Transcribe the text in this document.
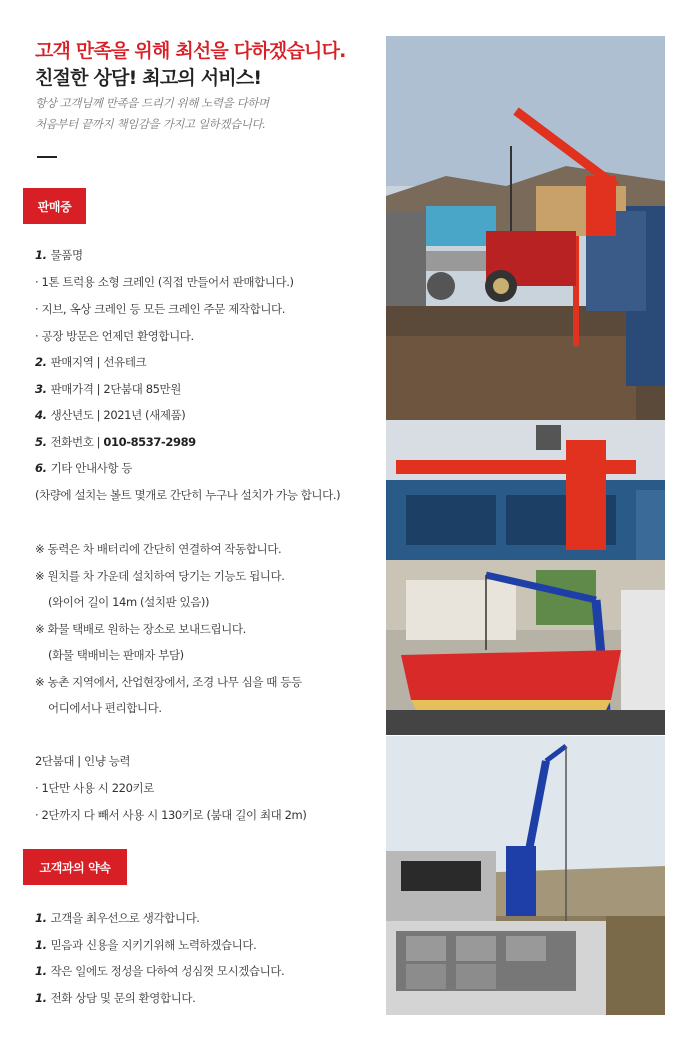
고객 만족을 위해 최선을 다하겠습니다.
친절한 상담! 최고의 서비스!
항상 고객님께 만족을 드리기 위해 노력을 다하며
처음부터 끝까지 책임감을 가지고 일하겠습니다.
판매중
1. 물품명
· 1톤 트럭용 소형 크레인 (직접 만들어서 판매합니다.)
· 지브, 옥상 크레인 등 모든 크레인 주문 제작합니다.
· 공장 방문은 언제던 환영합니다.
2. 판매지역 | 선유테크
3. 판매가격 | 2단붐대 85만원
4. 생산년도 | 2021년 (새제품)
5. 전화번호 | 010-8537-2989
6. 기타 안내사항 등
(차량에 설치는 볼트 몇개로 간단히 누구나 설치가 가능 합니다.)
※ 동력은 차 배터리에 간단히 연결하여 작동합니다.
※ 원치를 차 가운데 설치하여 당기는 기능도 됩니다.
(와이어 길이 14m (설치판 있음))
※ 화물 택배로 원하는 장소로 보내드립니다.
(화물 택배비는 판매자 부담)
※ 농촌 지역에서, 산업현장에서, 조경 나무 심을 때 등등
어디에서나 편리합니다.
2단붐대 | 인냥 능력
· 1단만 사용 시 220키로
· 2단까지 다 빼서 사용 시 130키로 (붐대 길이 최대 2m)
고객과의 약속
1. 고객을 최우선으로 생각합니다.
1. 믿음과 신용을 지키기위해 노력하겠습니다.
1. 작은 일에도 정성을 다하여 성심껏 모시겠습니다.
1. 전화 상담 및 문의 환영합니다.
